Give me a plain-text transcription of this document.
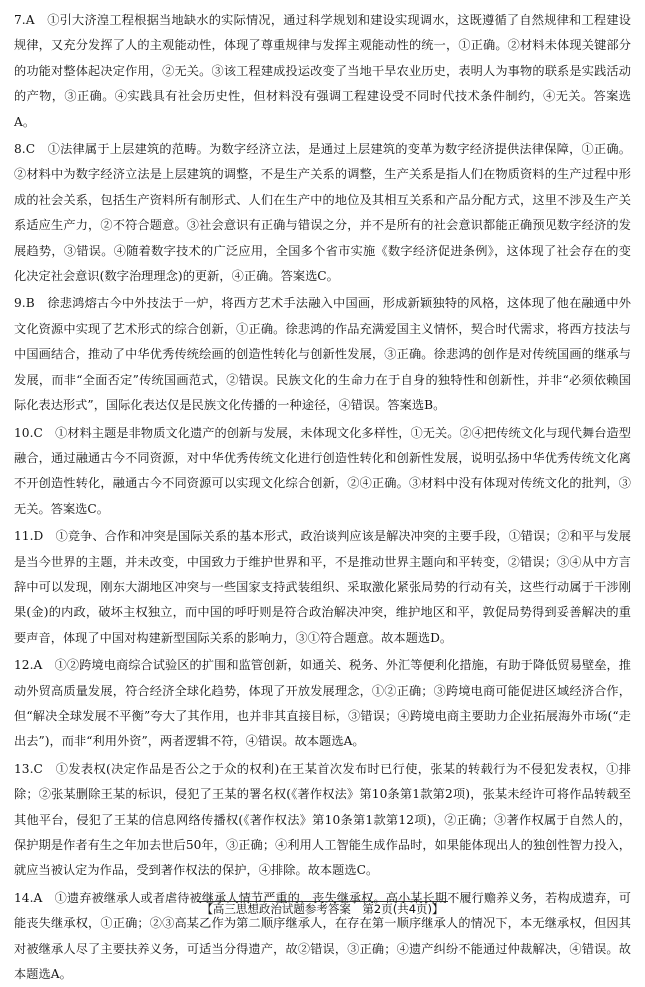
7.A　①引大济湟工程根据当地缺水的实际情况，通过科学规划和建设实现调水，这既遵循了自然规律和工程建设规律，又充分发挥了人的主观能动性，体现了尊重规律与发挥主观能动性的统一，①正确。②材料未体现关键部分的功能对整体起决定作用，②无关。③该工程建成投运改变了当地干旱农业历史，表明人为事物的联系是实践活动的产物，③正确。④实践具有社会历史性，但材料没有强调工程建设受不同时代技术条件制约，④无关。答案选A。

8.C　①法律属于上层建筑的范畴。为数字经济立法，是通过上层建筑的变革为数字经济提供法律保障，①正确。②材料中为数字经济立法是上层建筑的调整，不是生产关系的调整，生产关系是指人们在物质资料的生产过程中形成的社会关系，包括生产资料所有制形式、人们在生产中的地位及其相互关系和产品分配方式，这里不涉及生产关系适应生产力，②不符合题意。③社会意识有正确与错误之分，并不是所有的社会意识都能正确预见数字经济的发展趋势，③错误。④随着数字技术的广泛应用，全国多个省市实施《数字经济促进条例》，这体现了社会存在的变化决定社会意识(数字治理理念)的更新，④正确。答案选C。

9.B　徐悲鸿熔古今中外技法于一炉，将西方艺术手法融入中国画，形成新颖独特的风格，这体现了他在融通中外文化资源中实现了艺术形式的综合创新，①正确。徐悲鸿的作品充满爱国主义情怀，契合时代需求，将西方技法与中国画结合，推动了中华优秀传统绘画的创造性转化与创新性发展，③正确。徐悲鸿的创作是对传统国画的继承与发展，而非“全面否定”传统国画范式，②错误。民族文化的生命力在于自身的独特性和创新性，并非“必须依赖国际化表达形式”，国际化表达仅是民族文化传播的一种途径，④错误。答案选B。

10.C　①材料主题是非物质文化遗产的创新与发展，未体现文化多样性，①无关。②④把传统文化与现代舞台造型融合，通过融通古今不同资源，对中华优秀传统文化进行创造性转化和创新性发展，说明弘扬中华优秀传统文化离不开创造性转化，融通古今不同资源可以实现文化综合创新，②④正确。③材料中没有体现对传统文化的批判，③无关。答案选C。

11.D　①竞争、合作和冲突是国际关系的基本形式，政治谈判应该是解决冲突的主要手段，①错误；②和平与发展是当今世界的主题，并未改变，中国致力于维护世界和平，不是推动世界主题向和平转变，②错误；③④从中方言辞中可以发现，刚东大湖地区冲突与一些国家支持武装组织、采取激化紧张局势的行动有关，这些行动属于干涉刚果(金)的内政，破坏主权独立，而中国的呼吁则是符合政治解决冲突，维护地区和平，敦促局势得到妥善解决的重要声音，体现了中国对构建新型国际关系的影响力，③①符合题意。故本题选D。

12.A　①②跨境电商综合试验区的扩围和监管创新，如通关、税务、外汇等便利化措施，有助于降低贸易壁垒，推动外贸高质量发展，符合经济全球化趋势，体现了开放发展理念，①②正确；③跨境电商可能促进区域经济合作，但“解决全球发展不平衡”夸大了其作用，也并非其直接目标，③错误；④跨境电商主要助力企业拓展海外市场(“走出去”)，而非“利用外资”，两者逻辑不符，④错误。故本题选A。

13.C　①发表权(决定作品是否公之于众的权利)在王某首次发布时已行使，张某的转载行为不侵犯发表权，①排除；②张某删除王某的标识，侵犯了王某的署名权(《著作权法》第10条第1款第2项)，张某未经许可将作品转载至其他平台，侵犯了王某的信息网络传播权(《著作权法》第10条第1款第12项)，②正确；③著作权属于自然人的，保护期是作者有生之年加去世后50年，③正确；④利用人工智能生成作品时，如果能体现出人的独创性智力投入，就应当被认定为作品，受到著作权法的保护，④排除。故本题选C。

14.A　①遗弃被继承人或者虐待被继承人情节严重的，丧失继承权。高小某长期不履行赡养义务，若构成遗弃，可能丧失继承权，①正确；②③高某乙作为第二顺序继承人，在存在第一顺序继承人的情况下，本无继承权，但因其对被继承人尽了主要扶养义务，可适当分得遗产，故②错误，③正确；④遗产纠纷不能通过仲裁解决，④错误。故本题选A。

【高三思想政治试题参考答案　第2页(共4页)】
